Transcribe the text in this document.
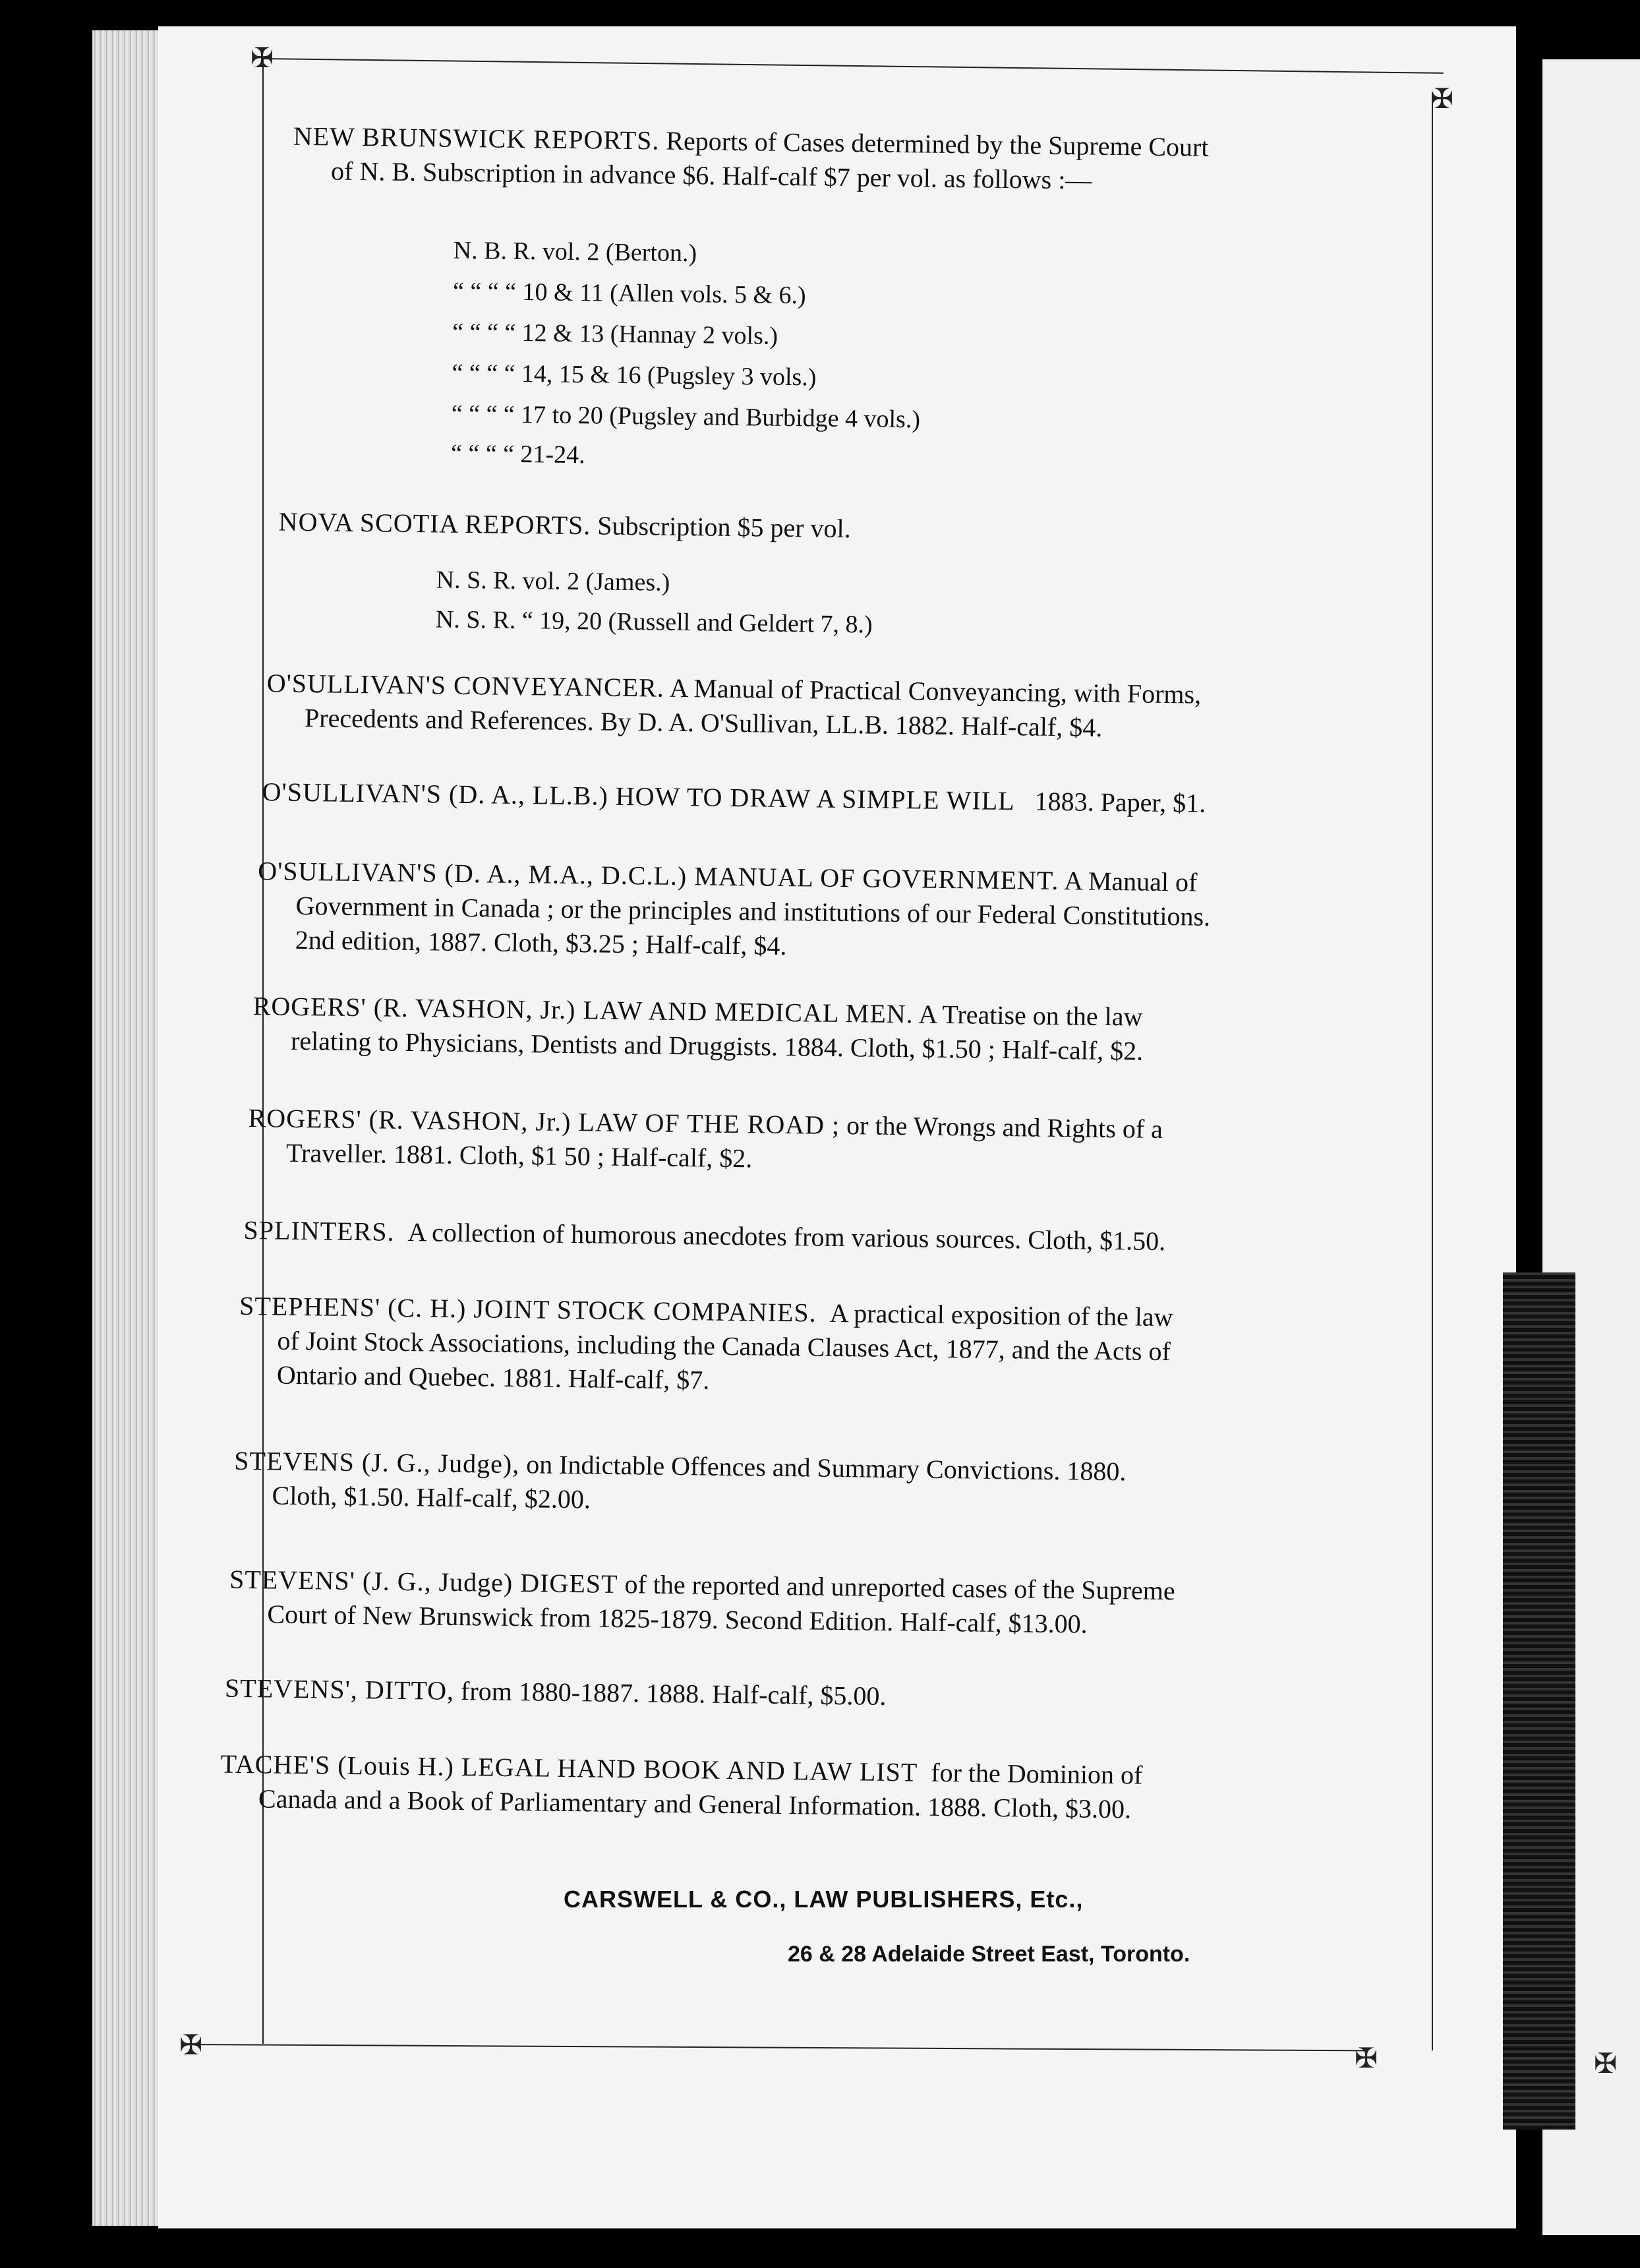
✠
✠
✠	✠	✠
NEW BRUNSWICK REPORTS. Reports of Cases determined by the Supreme Court
of N. B. Subscription in advance $6. Half-calf $7 per vol. as follows :—
N. B. R. vol. 2 (Berton.)
“ “ “ “ 10 & 11 (Allen vols. 5 & 6.)
“ “ “ “ 12 & 13 (Hannay 2 vols.)
“ “ “ “ 14, 15 & 16 (Pugsley 3 vols.)
“ “ “ “ 17 to 20 (Pugsley and Burbidge 4 vols.)
“ “ “ “ 21-24.
NOVA SCOTIA REPORTS. Subscription $5 per vol.
N. S. R. vol. 2 (James.)
N. S. R. “ 19, 20 (Russell and Geldert 7, 8.)
O'SULLIVAN'S CONVEYANCER. A Manual of Practical Conveyancing, with Forms,
Precedents and References. By D. A. O'Sullivan, LL.B. 1882. Half-calf, $4.
O'SULLIVAN'S (D. A., LL.B.) HOW TO DRAW A SIMPLE WILL 1883. Paper, $1.
O'SULLIVAN'S (D. A., M.A., D.C.L.) MANUAL OF GOVERNMENT. A Manual of
Government in Canada ; or the principles and institutions of our Federal Constitutions.
2nd edition, 1887. Cloth, $3.25 ; Half-calf, $4.
ROGERS' (R. VASHON, Jr.) LAW AND MEDICAL MEN. A Treatise on the law
relating to Physicians, Dentists and Druggists. 1884. Cloth, $1.50 ; Half-calf, $2.
ROGERS' (R. VASHON, Jr.) LAW OF THE ROAD ; or the Wrongs and Rights of a
Traveller. 1881. Cloth, $1 50 ; Half-calf, $2.
SPLINTERS. A collection of humorous anecdotes from various sources. Cloth, $1.50.
STEPHENS' (C. H.) JOINT STOCK COMPANIES. A practical exposition of the law
of Joint Stock Associations, including the Canada Clauses Act, 1877, and the Acts of
Ontario and Quebec. 1881. Half-calf, $7.
STEVENS (J. G., Judge), on Indictable Offences and Summary Convictions. 1880.
Cloth, $1.50. Half-calf, $2.00.
STEVENS' (J. G., Judge) DIGEST of the reported and unreported cases of the Supreme
Court of New Brunswick from 1825-1879. Second Edition. Half-calf, $13.00.
STEVENS', DITTO, from 1880-1887. 1888. Half-calf, $5.00.
TACHE'S (Louis H.) LEGAL HAND BOOK AND LAW LIST for the Dominion of
Canada and a Book of Parliamentary and General Information. 1888. Cloth, $3.00.
CARSWELL & CO., LAW PUBLISHERS, Etc.,
26 & 28 Adelaide Street East, Toronto.
